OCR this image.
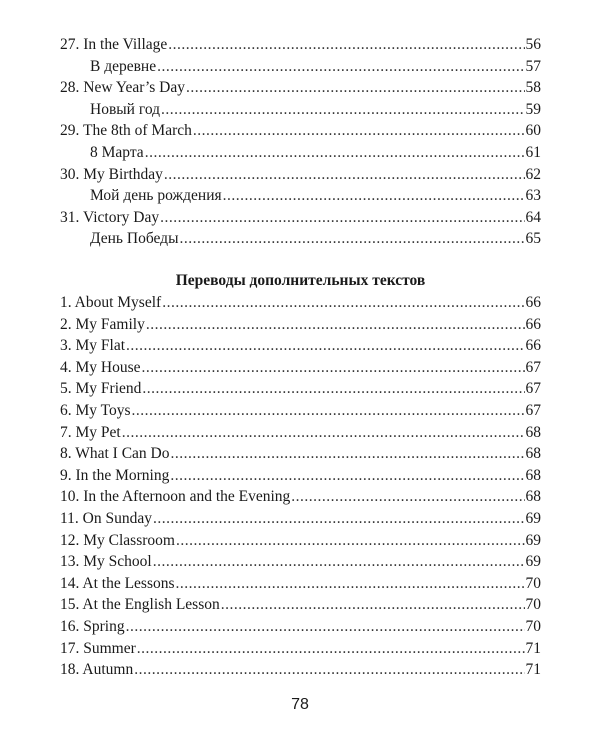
27. In the Village .....	56
В деревне .....	57
28. New Year’s Day .....	58
Новый год .....	59
29. The 8th of March .....	60
8 Марта .....	61
30. My Birthday .....	62
Мой день рождения .....	63
31. Victory Day .....	64
День Победы .....	65
Переводы дополнительных текстов
1. About Myself .....	66
2. My Family .....	66
3. My Flat .....	66
4. My House .....	67
5. My Friend .....	67
6. My Toys .....	67
7. My Pet .....	68
8. What I Can Do .....	68
9. In the Morning .....	68
10. In the Afternoon and the Evening .....	68
11. On Sunday .....	69
12. My Classroom .....	69
13. My School .....	69
14. At the Lessons .....	70
15. At the English Lesson .....	70
16. Spring .....	70
17. Summer .....	71
18. Autumn .....	71
78
